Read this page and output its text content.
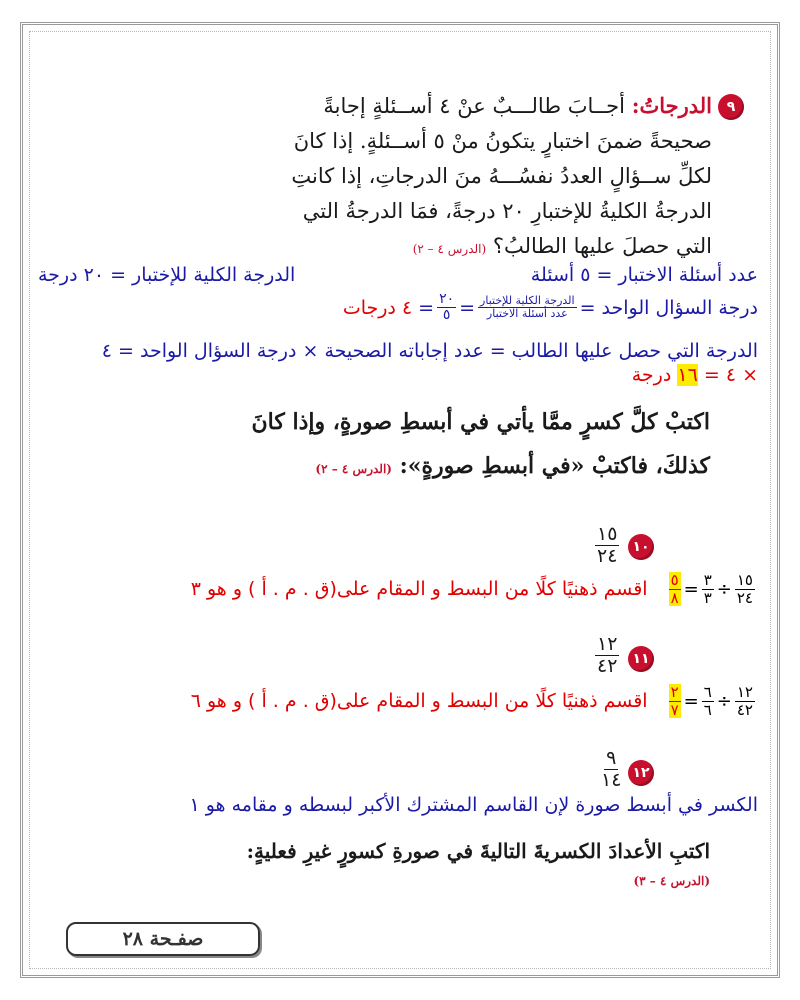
٩
الدرجاتُ: أجــابَ طالـــبٌ عنْ ٤ أســئلةٍ إجابةً
صحيحةً ضمنَ اختبارٍ يتكونُ منْ ٥ أســئلةٍ. إذا كانَ
لكلِّ ســؤالٍ العددُ نفسُـــهُ منَ الدرجاتِ، إذا كانتِ
الدرجةُ الكليةُ للإختبارِ ٢٠ درجةً، فمَا الدرجةُ التي
التي حصلَ عليها الطالبُ؟ (الدرس ٤ – ٢)
عدد أسئلة الاختبار = ٥ أسئلة
الدرجة الكلية للإختبار = ٢٠ درجة
درجة السؤال الواحد =
$\frac{\text{الدرجة الكلية للإختبار}}{\text{عدد أسئلة الاختبار}}$
=
$\frac{٢٠}{٥}$
=
٤ درجات
الدرجة التي حصل عليها الطالب = عدد إجاباته الصحيحة × درجة السؤال الواحد = ٤
× ٤ = ١٦ درجة
اكتبْ كلَّ كسرٍ ممَّا يأتي في أبسطِ صورةٍ، وإذا كانَ
كذلكَ، فاكتبْ «في أبسطِ صورةٍ»: (الدرس ٤ – ٢)
١٠
$\frac{١٥}{٢٤}$
$\frac{١٥}{٢٤}$
÷
$\frac{٣}{٣}$
=
$\frac{٥}{٨}$
اقسم ذهنيًا كلًا من البسط و المقام على(ق . م . أ ) و هو ٣
١١
$\frac{١٢}{٤٢}$
$\frac{١٢}{٤٢}$
÷
$\frac{٦}{٦}$
=
$\frac{٢}{٧}$
اقسم ذهنيًا كلًا من البسط و المقام على(ق . م . أ ) و هو ٦
١٢
$\frac{٩}{١٤}$
الكسر في أبسط صورة لإن القاسم المشترك الأكبر لبسطه و مقامه هو ١
اكتبِ الأعدادَ الكسريةَ التاليةَ في صورةِ كسورٍ غيرِ فعليةٍ:
(الدرس ٤ – ٣)
صفـحة ٢٨
